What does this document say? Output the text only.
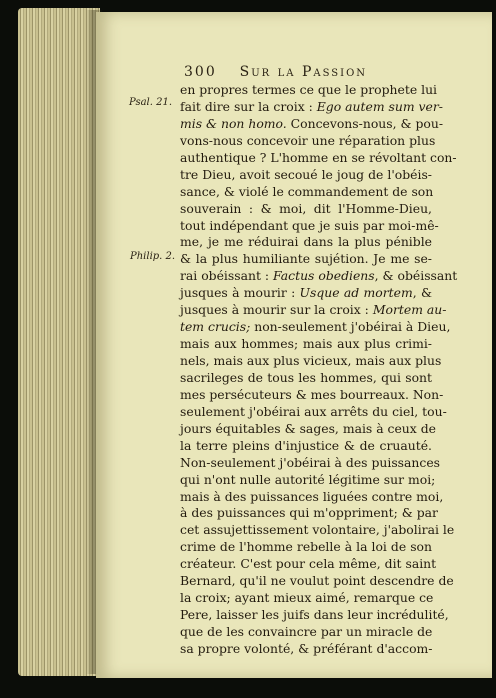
300 Sur la Passion
Psal. 21.
Philip. 2.
en propres termes ce que le prophete lui
fait dire sur la croix : Ego autem sum ver-
mis & non homo. Concevons-nous, & pou-
vons-nous concevoir une réparation plus
authentique ? L'homme en se révoltant con-
tre Dieu, avoit secoué le joug de l'obéis-
sance, & violé le commandement de son
souverain : & moi, dit l'Homme-Dieu,
tout indépendant que je suis par moi-mê-
me, je me réduirai dans la plus pénible
& la plus humiliante sujétion. Je me se-
rai obéissant : Factus obediens, & obéissant
jusques à mourir : Usque ad mortem, &
jusques à mourir sur la croix : Mortem au-
tem crucis; non-seulement j'obéirai à Dieu,
mais aux hommes; mais aux plus crimi-
nels, mais aux plus vicieux, mais aux plus
sacrileges de tous les hommes, qui sont
mes persécuteurs & mes bourreaux. Non-
seulement j'obéirai aux arrêts du ciel, tou-
jours équitables & sages, mais à ceux de
la terre pleins d'injustice & de cruauté.
Non-seulement j'obéirai à des puissances
qui n'ont nulle autorité légitime sur moi;
mais à des puissances liguées contre moi,
à des puissances qui m'oppriment; & par
cet assujettissement volontaire, j'abolirai le
crime de l'homme rebelle à la loi de son
créateur. C'est pour cela même, dit saint
Bernard, qu'il ne voulut point descendre de
la croix; ayant mieux aimé, remarque ce
Pere, laisser les juifs dans leur incrédulité,
que de les convaincre par un miracle de
sa propre volonté, & préférant d'accom-
